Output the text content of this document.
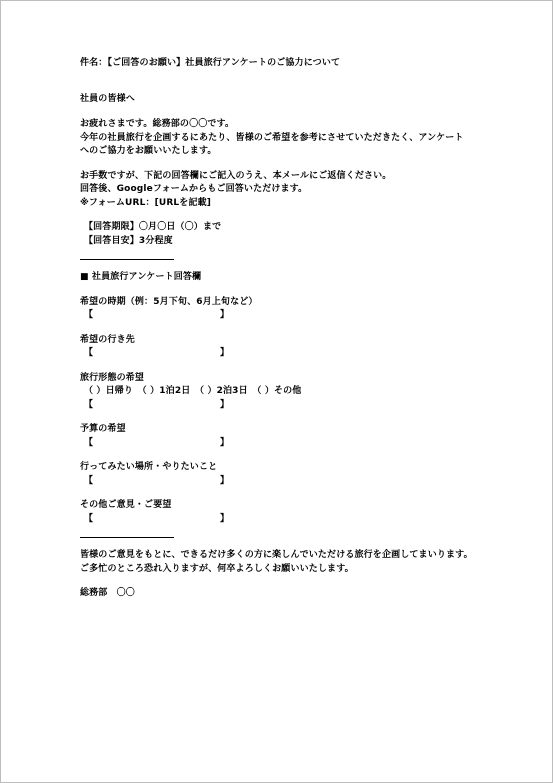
件名：【ご回答のお願い】社員旅行アンケートのご協力について
社員の皆様へ
お疲れさまです。総務部の〇〇です。
今年の社員旅行を企画するにあたり、皆様のご希望を参考にさせていただきたく、アンケート
へのご協力をお願いいたします。
お手数ですが、下記の回答欄にご記入のうえ、本メールにご返信ください。
回答後、Googleフォームからもご回答いただけます。
※フォームURL：[URLを記載]
【回答期限】〇月〇日（〇）まで
【回答目安】3分程度
■ 社員旅行アンケート回答欄
希望の時期（例：5月下旬、6月上旬など）
【	】
希望の行き先
【	】
旅行形態の希望
（ ）日帰り　（ ）1泊2日　（ ）2泊3日　（ ）その他
【	】
予算の希望
【	】
行ってみたい場所・やりたいこと
【	】
その他ご意見・ご要望
【	】
皆様のご意見をもとに、できるだけ多くの方に楽しんでいただける旅行を企画してまいります。
ご多忙のところ恐れ入りますが、何卒よろしくお願いいたします。
総務部　〇〇
